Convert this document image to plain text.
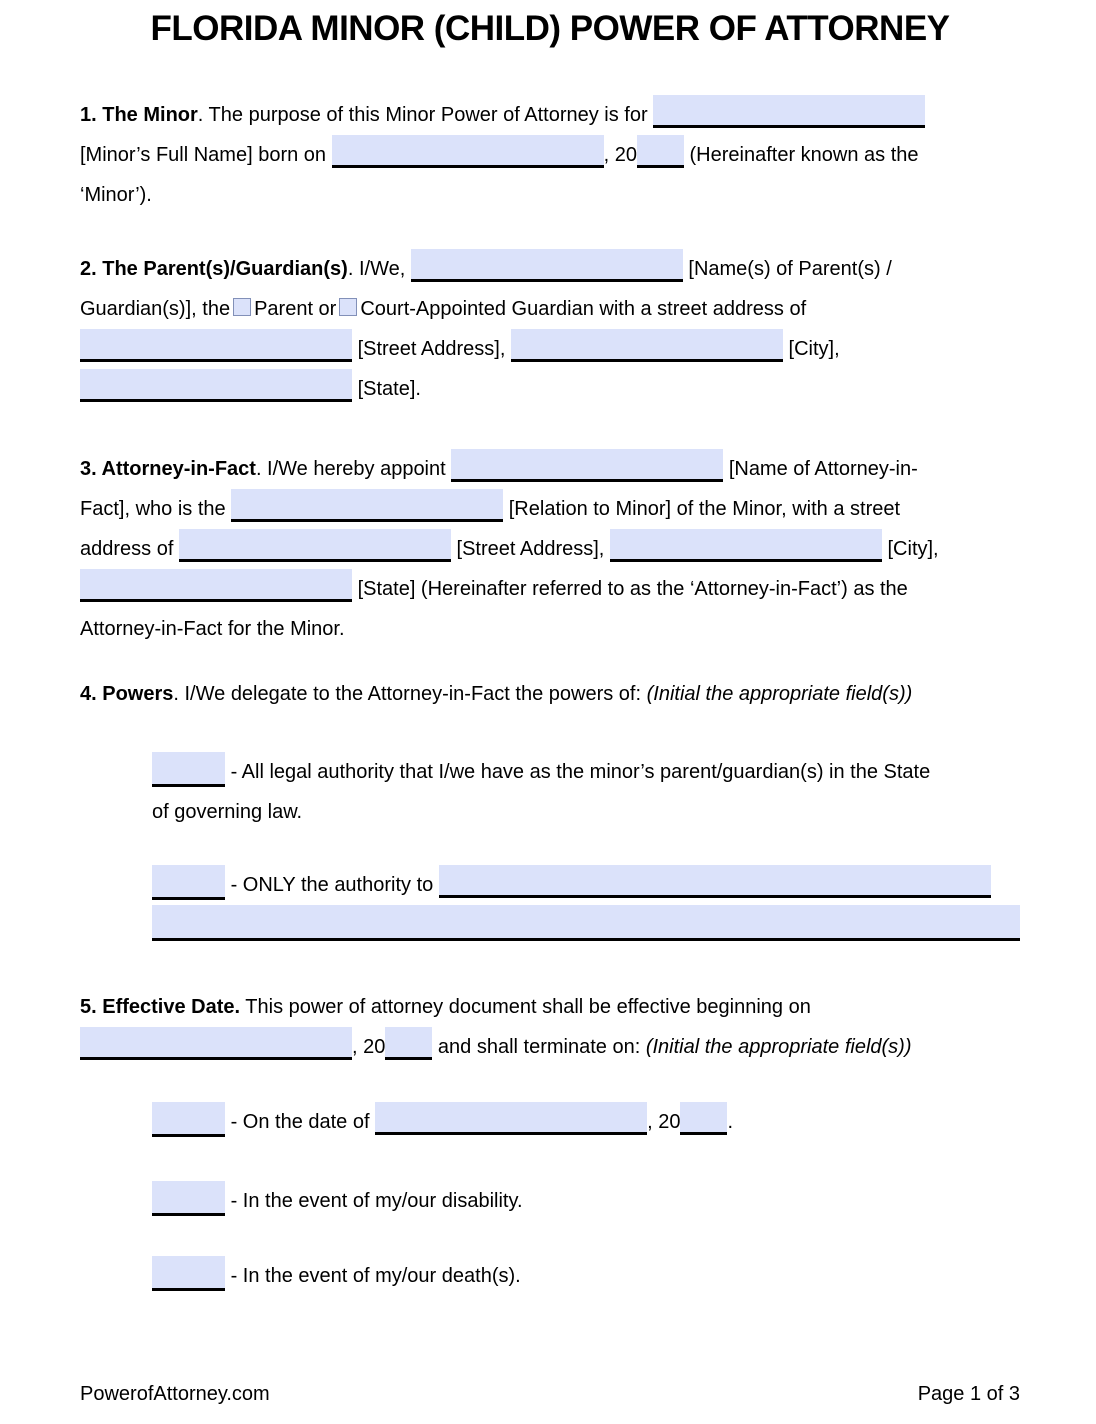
FLORIDA MINOR (CHILD) POWER OF ATTORNEY
1. The Minor. The purpose of this Minor Power of Attorney is for
[Minor’s Full Name] born on	, 20	(Hereinafter known as the
‘Minor’).
2. The Parent(s)/Guardian(s). I/We,	[Name(s) of Parent(s) /
Guardian(s)], the Parent or Court-Appointed Guardian with a street address of
[Street Address],	[City],
[State].
3. Attorney-in-Fact. I/We hereby appoint	[Name of Attorney-in-
Fact], who is the	[Relation to Minor] of the Minor, with a street
address of	[Street Address],	[City],
[State] (Hereinafter referred to as the ‘Attorney-in-Fact’) as the
Attorney-in-Fact for the Minor.
4. Powers. I/We delegate to the Attorney-in-Fact the powers of: (Initial the appropriate field(s))
- All legal authority that I/we have as the minor’s parent/guardian(s) in the State
of governing law.
- ONLY the authority to
5. Effective Date. This power of attorney document shall be effective beginning on
, 20	and shall terminate on: (Initial the appropriate field(s))
- On the date of	, 20 .
- In the event of my/our disability.
- In the event of my/our death(s).
PowerofAttorney.com	Page 1 of 3
